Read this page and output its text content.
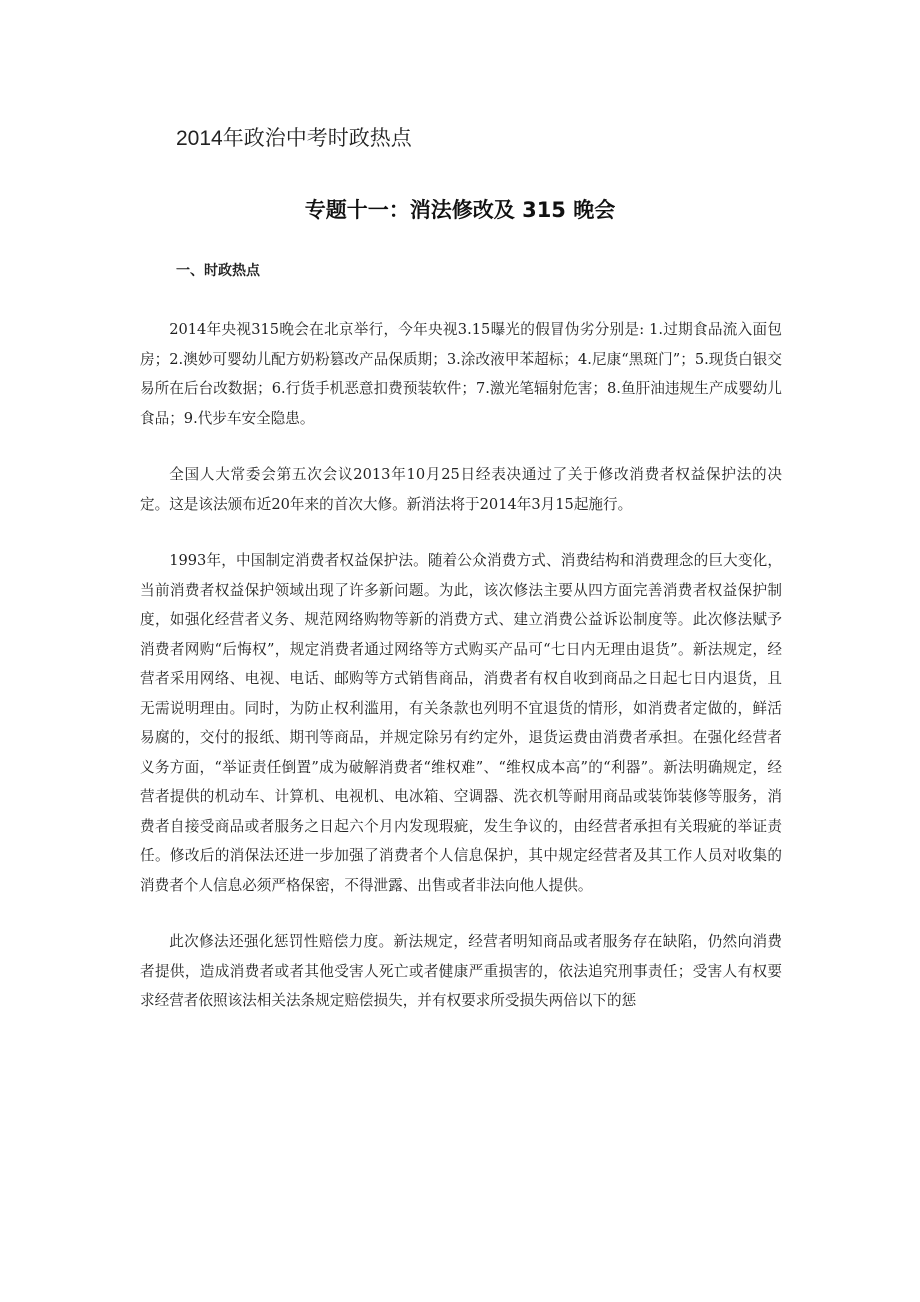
2014年政治中考时政热点
专题十一：消法修改及 315 晚会
一、时政热点

2014年央视315晚会在北京举行，今年央视3.15曝光的假冒伪劣分别是: 1.过期食品流入面包房；2.澳妙可婴幼儿配方奶粉篡改产品保质期；3.涂改液甲苯超标；4.尼康“黑斑门”；5.现货白银交易所在后台改数据；6.行货手机恶意扣费预装软件；7.激光笔辐射危害；8.鱼肝油违规生产成婴幼儿食品；9.代步车安全隐患。

全国人大常委会第五次会议2013年10月25日经表决通过了关于修改消费者权益保护法的决定。这是该法颁布近20年来的首次大修。新消法将于2014年3月15起施行。

1993年，中国制定消费者权益保护法。随着公众消费方式、消费结构和消费理念的巨大变化，当前消费者权益保护领域出现了许多新问题。为此，该次修法主要从四方面完善消费者权益保护制度，如强化经营者义务、规范网络购物等新的消费方式、建立消费公益诉讼制度等。此次修法赋予消费者网购“后悔权”，规定消费者通过网络等方式购买产品可“七日内无理由退货”。新法规定，经营者采用网络、电视、电话、邮购等方式销售商品，消费者有权自收到商品之日起七日内退货，且无需说明理由。同时，为防止权利滥用，有关条款也列明不宜退货的情形，如消费者定做的，鲜活易腐的，交付的报纸、期刊等商品，并规定除另有约定外，退货运费由消费者承担。在强化经营者义务方面，“举证责任倒置”成为破解消费者“维权难”、“维权成本高”的“利器”。新法明确规定，经营者提供的机动车、计算机、电视机、电冰箱、空调器、洗衣机等耐用商品或装饰装修等服务，消费者自接受商品或者服务之日起六个月内发现瑕疵，发生争议的，由经营者承担有关瑕疵的举证责任。修改后的消保法还进一步加强了消费者个人信息保护，其中规定经营者及其工作人员对收集的消费者个人信息必须严格保密，不得泄露、出售或者非法向他人提供。

此次修法还强化惩罚性赔偿力度。新法规定，经营者明知商品或者服务存在缺陷，仍然向消费者提供，造成消费者或者其他受害人死亡或者健康严重损害的，依法追究刑事责任；受害人有权要求经营者依照该法相关法条规定赔偿损失，并有权要求所受损失两倍以下的惩
